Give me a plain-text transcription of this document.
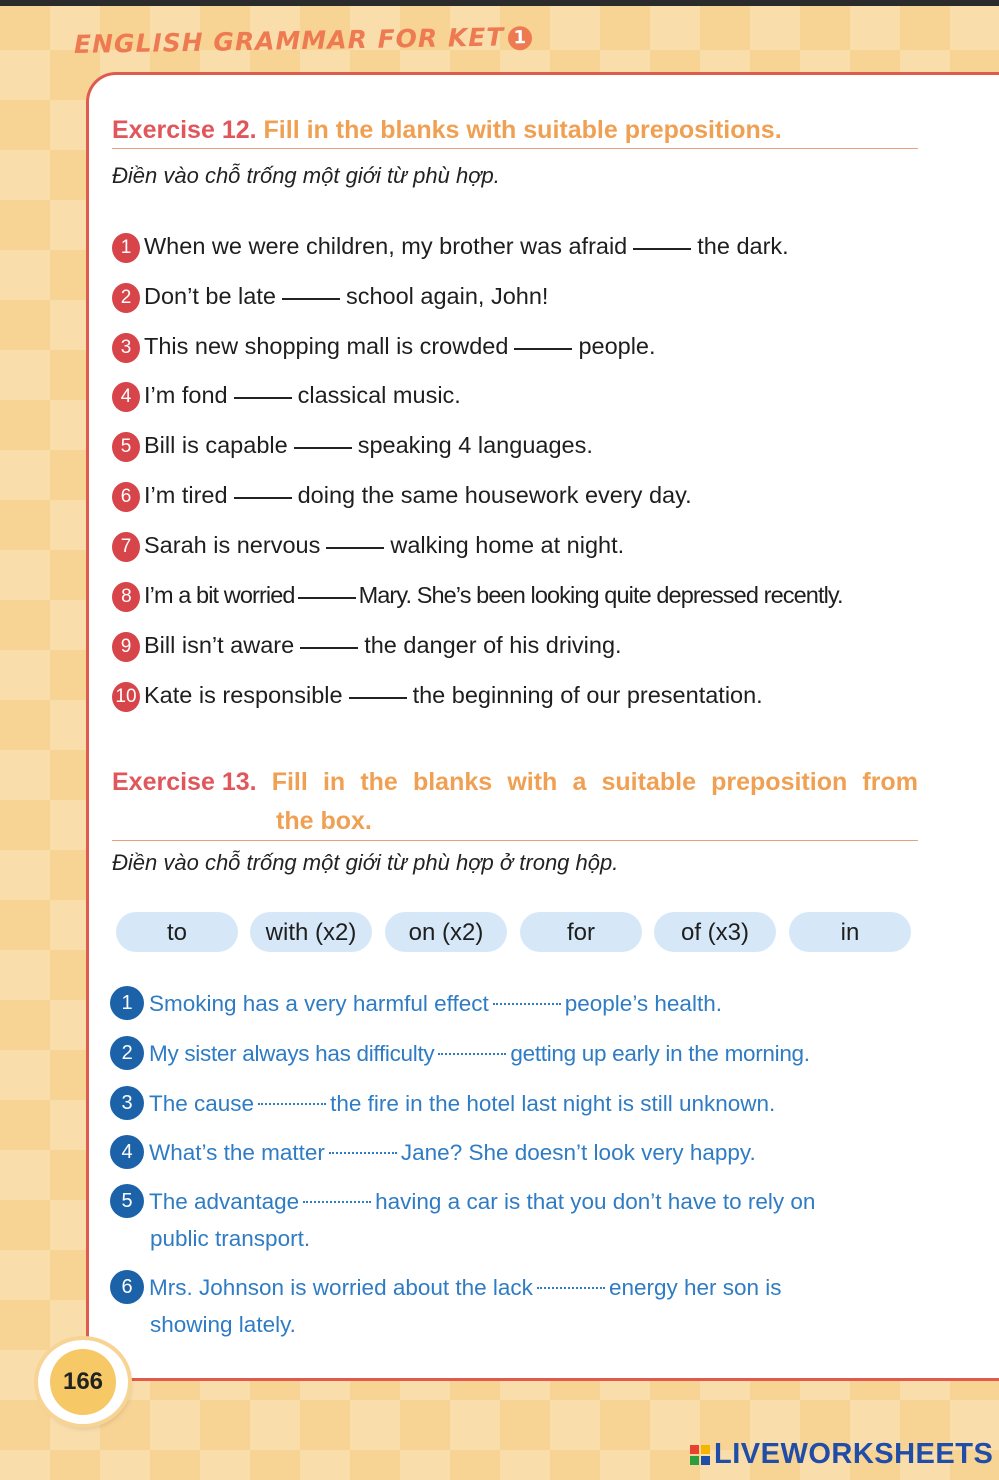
ENGLISH GRAMMAR FOR KET 1
Exercise 12. Fill in the blanks with suitable prepositions.
Điền vào chỗ trống một giới từ phù hợp.
1 When we were children, my brother was afraid	the dark.
2 Don’t be late	school again, John!
3 This new shopping mall is crowded	people.
4 I’m fond	classical music.
5 Bill is capable	speaking 4 languages.
6 I’m tired	doing the same housework every day.
7 Sarah is nervous	walking home at night.
8 I’m a bit worried	Mary. She’s been looking quite depressed recently.
9 Bill isn’t aware	the danger of his driving.
10 Kate is responsible	the beginning of our presentation.
Exercise 13. Fill in the blanks with a suitable preposition from
the box.
Điền vào chỗ trống một giới từ phù hợp ở trong hộp.
to	with (x2)	on (x2)	for	of (x3)	in
1 Smoking has a very harmful effect	people’s health.
2 My sister always has difficulty	getting up early in the morning.
3 The cause	the fire in the hotel last night is still unknown.
4 What’s the matter	Jane? She doesn’t look very happy.
5 The advantage	having a car is that you don’t have to rely on
public transport.
6 Mrs. Johnson is worried about the lack	energy her son is
showing lately.
166
LIVEWORKSHEETS
